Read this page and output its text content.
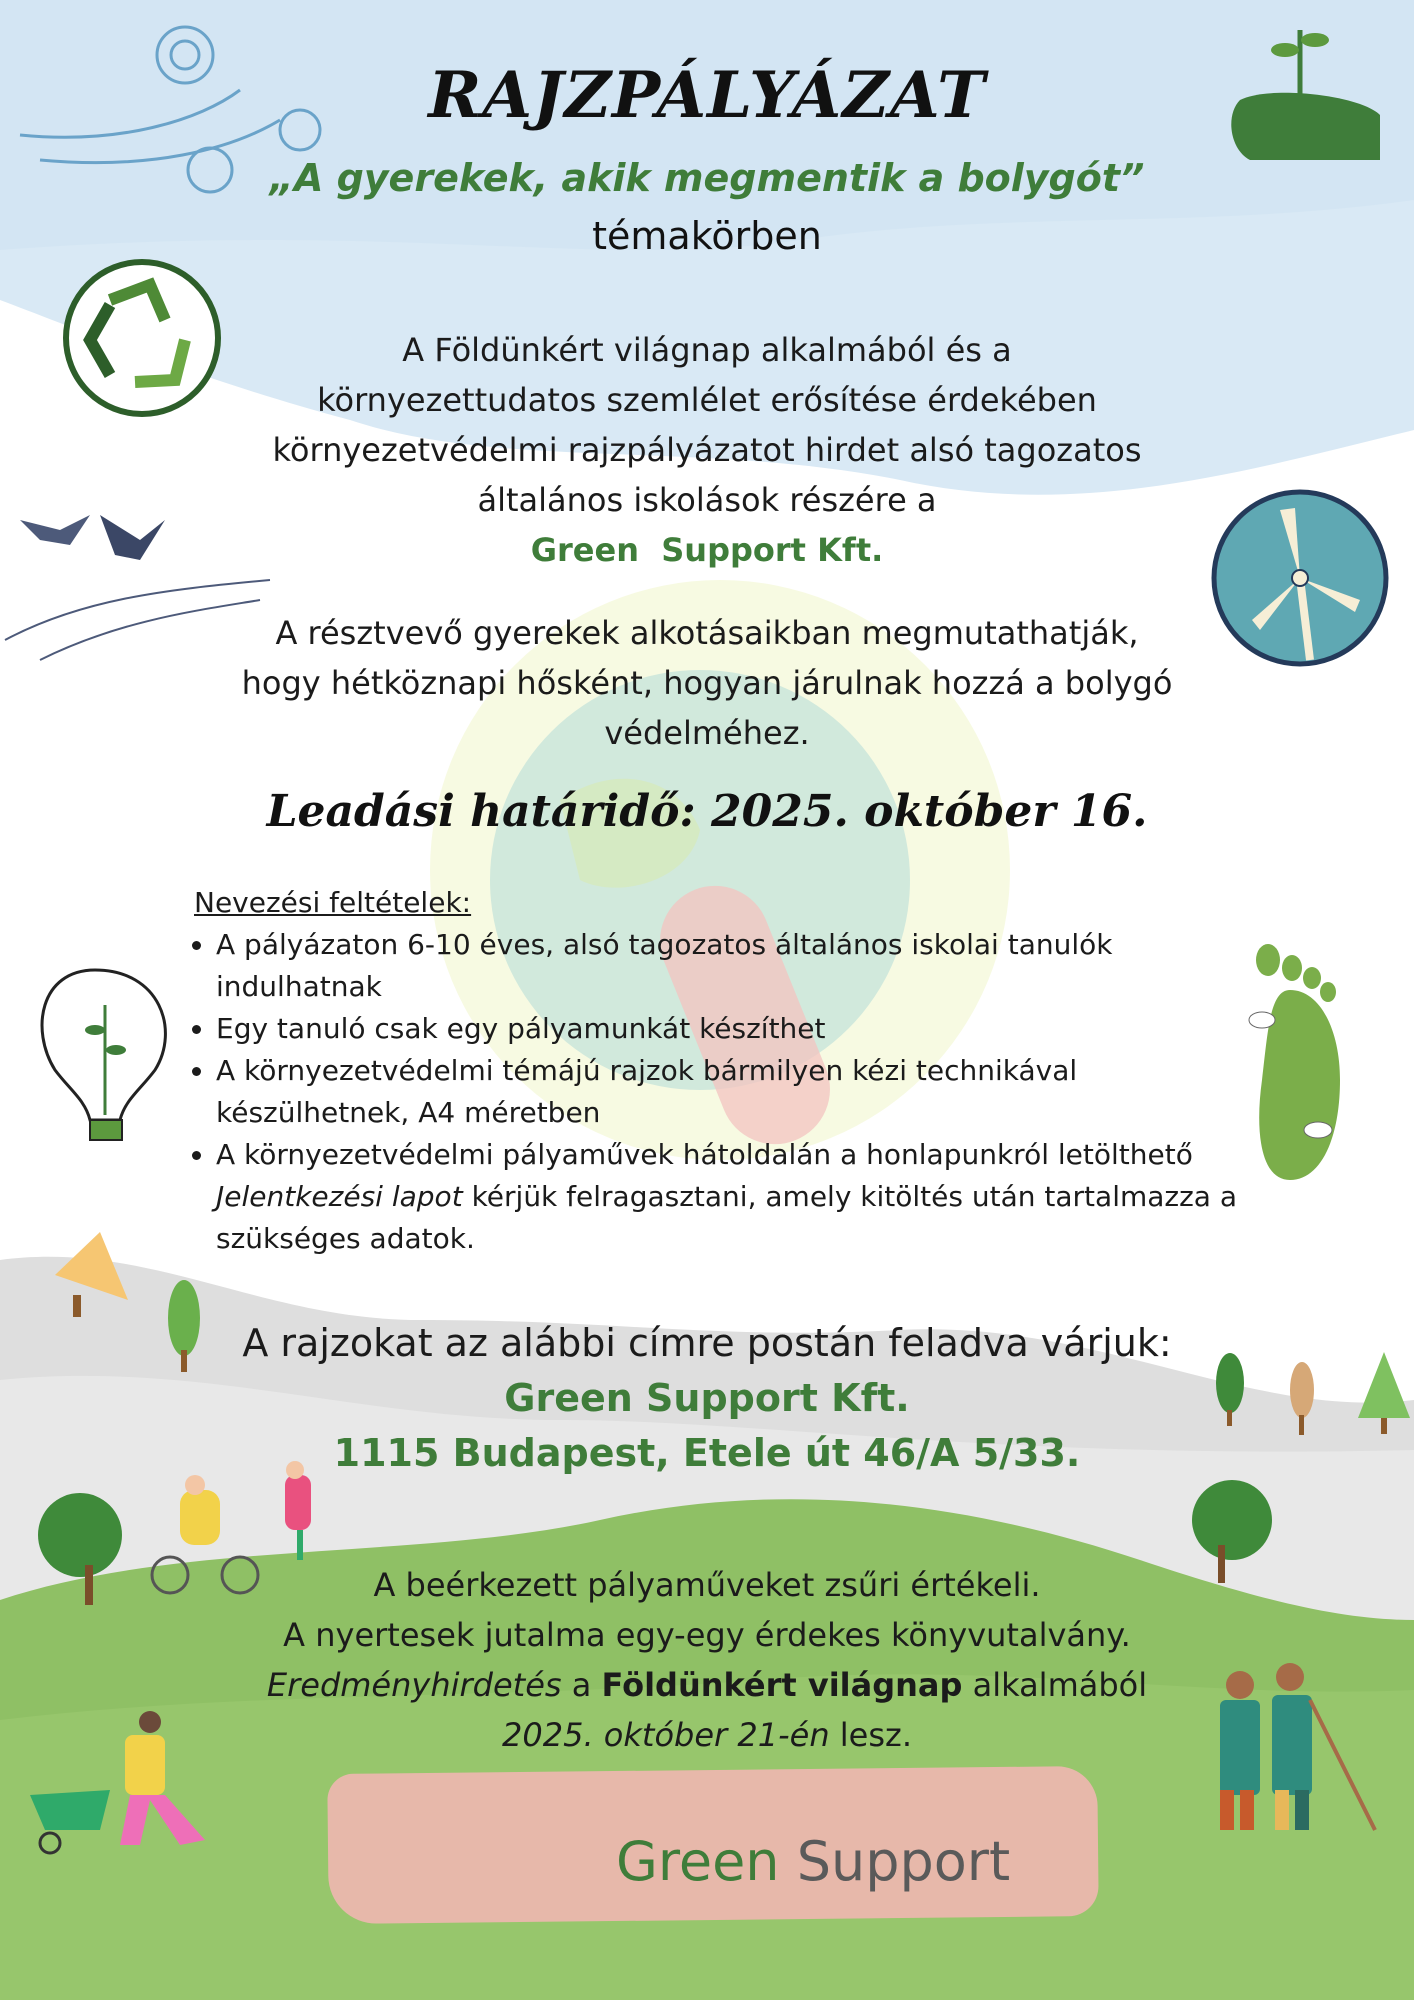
RAJZPÁLYÁZAT
„A gyerekek, akik megmentik a bolygót”
témakörben
A Földünkért világnap alkalmából és a
környezettudatos szemlélet erősítése érdekében
környezetvédelmi rajzpályázatot hirdet alsó tagozatos
általános iskolások részére a
Green  Support Kft.
A résztvevő gyerekek alkotásaikban megmutathatják,
hogy hétköznapi hősként, hogyan járulnak hozzá a bolygó
védelméhez.
Leadási határidő: 2025. október 16.
Nevezési feltételek:
• A pályázaton 6-10 éves, alsó tagozatos általános iskolai tanulók indulhatnak
• Egy tanuló csak egy pályamunkát készíthet
• A környezetvédelmi témájú rajzok bármilyen kézi technikával készülhetnek, A4 méretben
• A környezetvédelmi pályaművek hátoldalán a honlapunkról letölthető Jelentkezési lapot kérjük felragasztani, amely kitöltés után tartalmazza a szükséges adatok.
A rajzokat az alábbi címre postán feladva várjuk:
Green Support Kft.
1115 Budapest, Etele út 46/A 5/33.
A beérkezett pályaműveket zsűri értékeli.
A nyertesek jutalma egy-egy érdekes könyvutalvány.
Eredményhirdetés a Földünkért világnap alkalmából
2025. október 21-én lesz.
Green Support
